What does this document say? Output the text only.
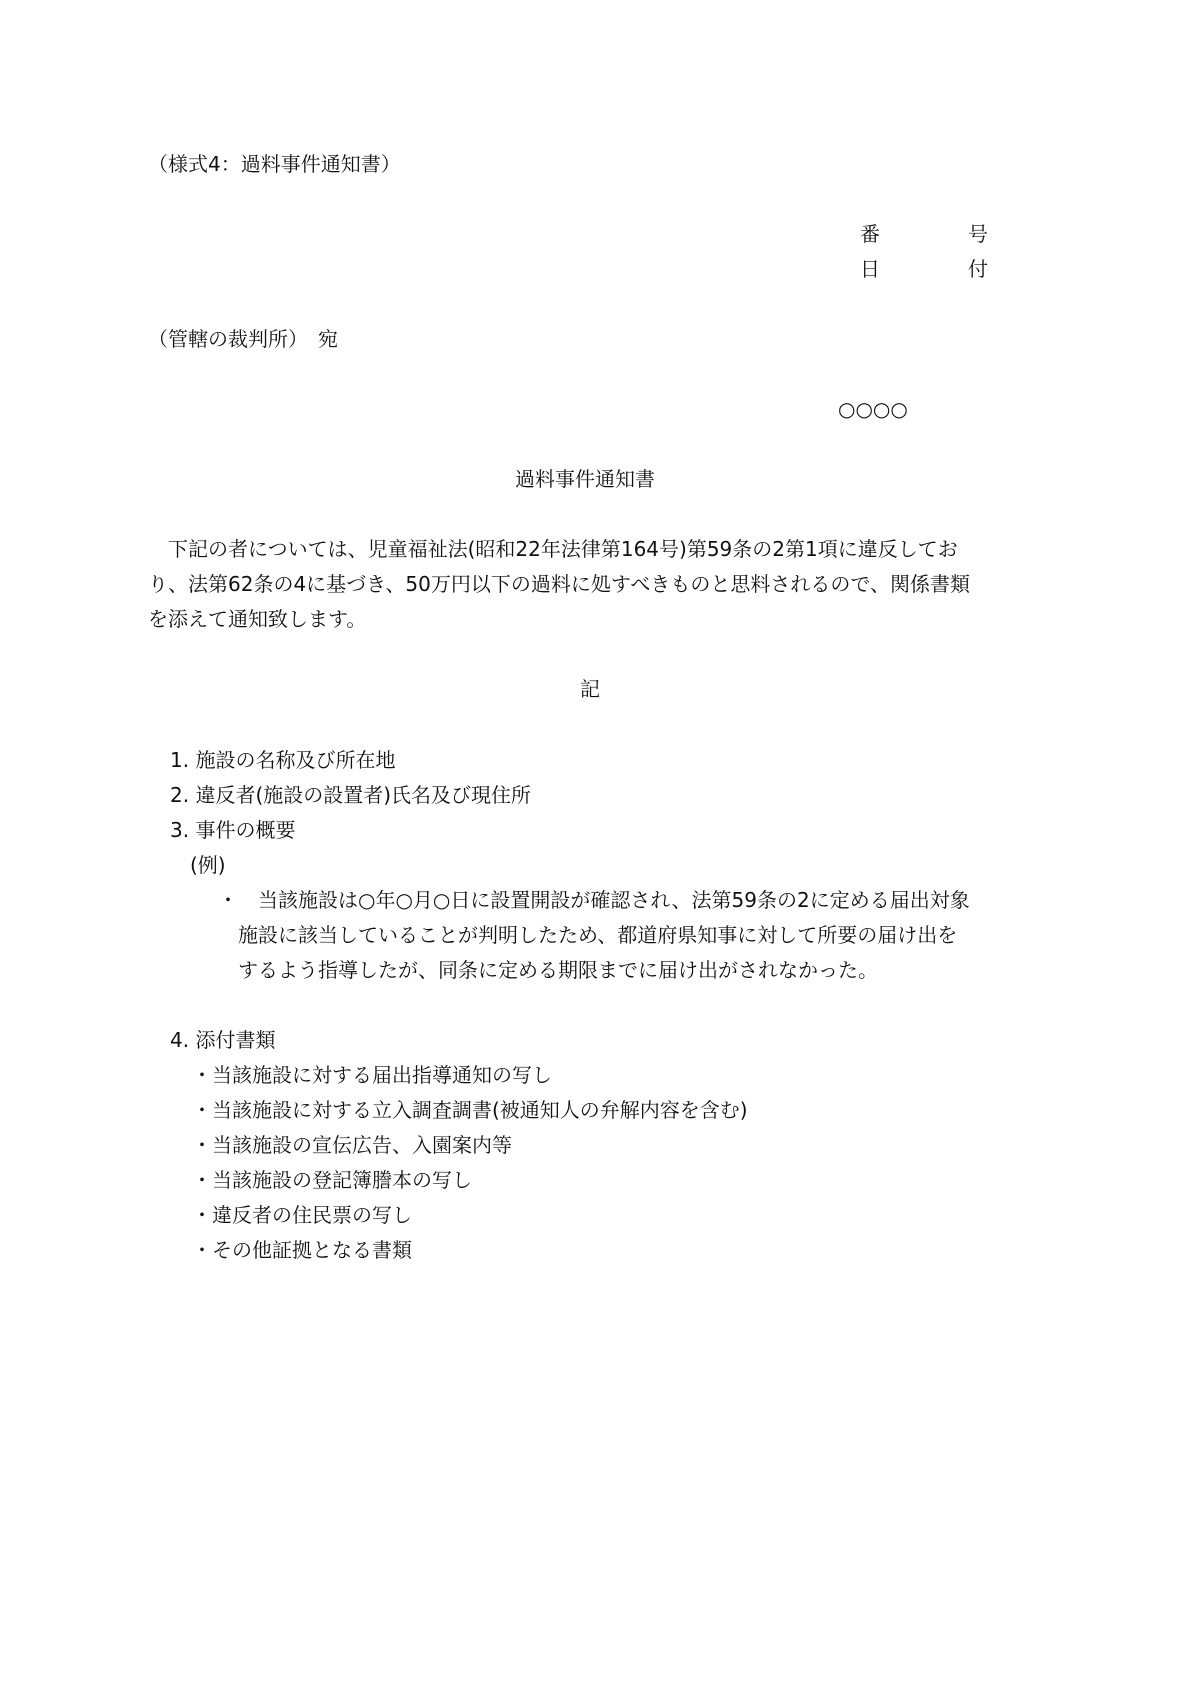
（様式4：過料事件通知書）
番	号
日	付
（管轄の裁判所）　宛
○○○○
過料事件通知書
　下記の者については、児童福祉法(昭和22年法律第164号)第59条の2第1項に違反してお
り、法第62条の4に基づき、50万円以下の過料に処すべきものと思料されるので、関係書類
を添えて通知致します。
記
1. 施設の名称及び所在地
2. 違反者(施設の設置者)氏名及び現住所
3. 事件の概要
(例)
・ 当該施設は○年○月○日に設置開設が確認され、法第59条の2に定める届出対象
施設に該当していることが判明したため、都道府県知事に対して所要の届け出を
するよう指導したが、同条に定める期限までに届け出がされなかった。
4. 添付書類
・当該施設に対する届出指導通知の写し
・当該施設に対する立入調査調書(被通知人の弁解内容を含む)
・当該施設の宣伝広告、入園案内等
・当該施設の登記簿謄本の写し
・違反者の住民票の写し
・その他証拠となる書類
